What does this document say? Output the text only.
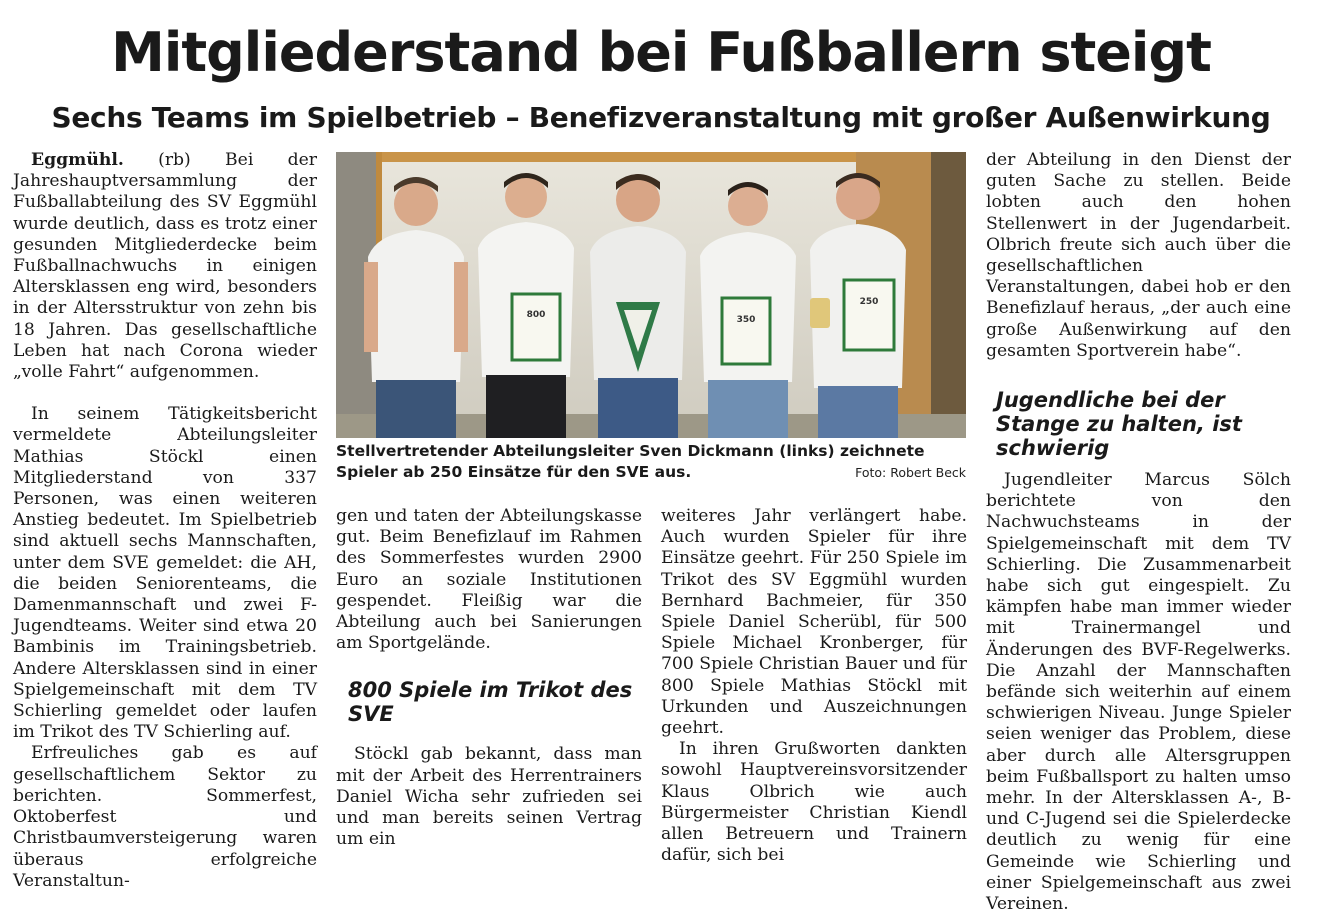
Mitgliederstand bei Fußballern steigt
Sechs Teams im Spielbetrieb – Benefizveranstaltung mit großer Außenwirkung

Eggmühl. (rb) Bei der Jahreshauptversammlung der Fußballabteilung des SV Eggmühl wurde deutlich, dass es trotz einer gesunden Mitgliederdecke beim Fußballnachwuchs in einigen Altersklassen eng wird, besonders in der Altersstruktur von zehn bis 18 Jahren. Das gesellschaftliche Leben hat nach Corona wieder „volle Fahrt“ aufgenommen.

In seinem Tätigkeitsbericht vermeldete Abteilungsleiter Mathias Stöckl einen Mitgliederstand von 337 Personen, was einen weiteren Anstieg bedeutet. Im Spielbetrieb sind aktuell sechs Mannschaften, unter dem SVE gemeldet: die AH, die beiden Seniorenteams, die Damenmannschaft und zwei F-Jugendteams. Weiter sind etwa 20 Bambinis im Trainingsbetrieb. Andere Altersklassen sind in einer Spielgemeinschaft mit dem TV Schierling gemeldet oder laufen im Trikot des TV Schierling auf.

Erfreuliches gab es auf gesellschaftlichem Sektor zu berichten. Sommerfest, Oktoberfest und Christbaumversteigerung waren überaus erfolgreiche Veranstaltun-

800	350
250
Stellvertretender Abteilungsleiter Sven Dickmann (links) zeichnete Spieler ab 250 Einsätze für den SVE aus.	Foto: Robert Beck

gen und taten der Abteilungskasse gut. Beim Benefizlauf im Rahmen des Sommerfestes wurden 2900 Euro an soziale Institutionen gespendet. Fleißig war die Abteilung auch bei Sanierungen am Sportgelände.

800 Spiele im Trikot des SVE

Stöckl gab bekannt, dass man mit der Arbeit des Herrentrainers Daniel Wicha sehr zufrieden sei und man bereits seinen Vertrag um ein

weiteres Jahr verlängert habe. Auch wurden Spieler für ihre Einsätze geehrt. Für 250 Spiele im Trikot des SV Eggmühl wurden Bernhard Bachmeier, für 350 Spiele Daniel Scherübl, für 500 Spiele Michael Kronberger, für 700 Spiele Christian Bauer und für 800 Spiele Mathias Stöckl mit Urkunden und Auszeichnungen geehrt.

In ihren Grußworten dankten sowohl Hauptvereinsvorsitzender Klaus Olbrich wie auch Bürgermeister Christian Kiendl allen Betreuern und Trainern dafür, sich bei

der Abteilung in den Dienst der guten Sache zu stellen. Beide lobten auch den hohen Stellenwert in der Jugendarbeit. Olbrich freute sich auch über die gesellschaftlichen Veranstaltungen, dabei hob er den Benefizlauf heraus, „der auch eine große Außenwirkung auf den gesamten Sportverein habe“.

Jugendliche bei der Stange zu halten, ist schwierig

Jugendleiter Marcus Sölch berichtete von den Nachwuchsteams in der Spielgemeinschaft mit dem TV Schierling. Die Zusammenarbeit habe sich gut eingespielt. Zu kämpfen habe man immer wieder mit Trainermangel und Änderungen des BVF-Regelwerks. Die Anzahl der Mannschaften befände sich weiterhin auf einem schwierigen Niveau. Junge Spieler seien weniger das Problem, diese aber durch alle Altersgruppen beim Fußballsport zu halten umso mehr. In der Altersklassen A-, B- und C-Jugend sei die Spielerdecke deutlich zu wenig für eine Gemeinde wie Schierling und einer Spielgemeinschaft aus zwei Vereinen.
